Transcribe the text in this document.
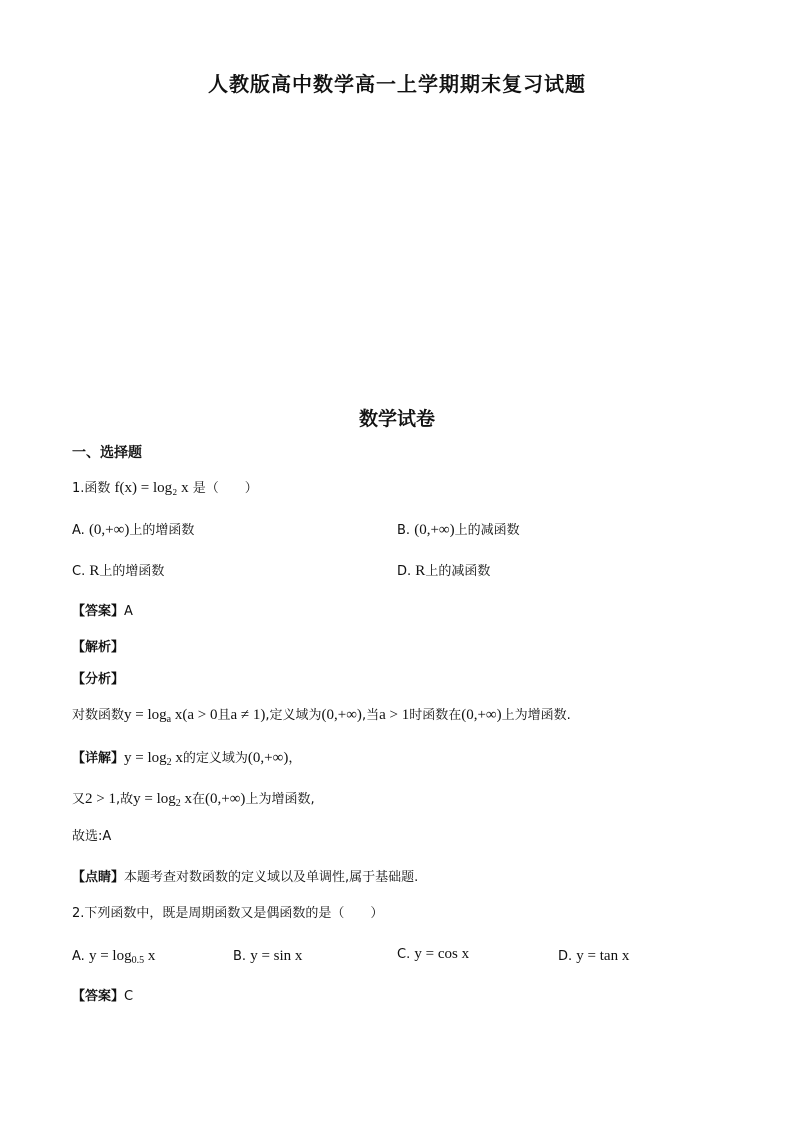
人教版高中数学高一上学期期末复习试题
数学试卷
一、选择题
1.函数 f(x) = log₂ x 是（　　）
A. (0,+∞)上的增函数	B. (0,+∞)上的减函数
C. R上的增函数	D. R上的减函数
【答案】A
【解析】
【分析】
对数函数$y = \log_a x(a > 0$且a ≠ 1),定义域为(0,+∞),当a > 1时函数在(0,+∞)上为增函数.
【详解】$y = \log_2 x$的定义域为(0,+∞)，
又2 > 1,故$y = \log_2 x$在(0,+∞)上为增函数,
故选:A
【点睛】本题考查对数函数的定义域以及单调性,属于基础题.
2.下列函数中，既是周期函数又是偶函数的是（　　）
A. $y = \log_{0.5} x$	B. y = sin x	C. y = cos x	D. y = tan x
【答案】C
